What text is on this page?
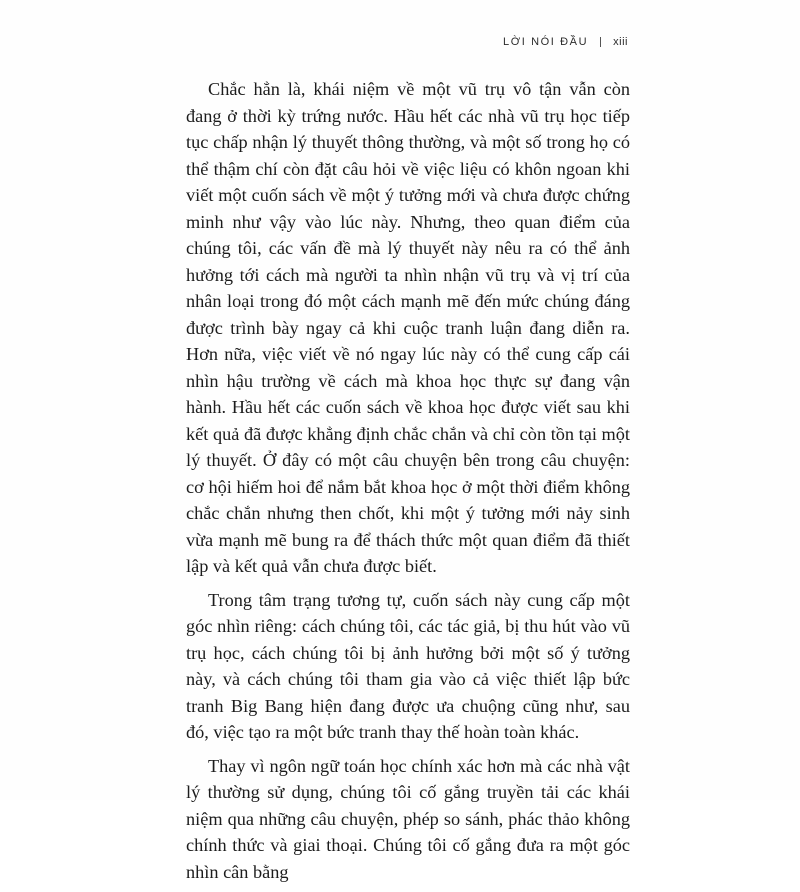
LỜI NÓI ĐẦU xiii

Chắc hẳn là, khái niệm về một vũ trụ vô tận vẫn còn đang ở thời kỳ trứng nước. Hầu hết các nhà vũ trụ học tiếp tục chấp nhận lý thuyết thông thường, và một số trong họ có thể thậm chí còn đặt câu hỏi về việc liệu có khôn ngoan khi viết một cuốn sách về một ý tưởng mới và chưa được chứng minh như vậy vào lúc này. Nhưng, theo quan điểm của chúng tôi, các vấn đề mà lý thuyết này nêu ra có thể ảnh hưởng tới cách mà người ta nhìn nhận vũ trụ và vị trí của nhân loại trong đó một cách mạnh mẽ đến mức chúng đáng được trình bày ngay cả khi cuộc tranh luận đang diễn ra. Hơn nữa, việc viết về nó ngay lúc này có thể cung cấp cái nhìn hậu trường về cách mà khoa học thực sự đang vận hành. Hầu hết các cuốn sách về khoa học được viết sau khi kết quả đã được khẳng định chắc chắn và chỉ còn tồn tại một lý thuyết. Ở đây có một câu chuyện bên trong câu chuyện: cơ hội hiếm hoi để nắm bắt khoa học ở một thời điểm không chắc chắn nhưng then chốt, khi một ý tưởng mới nảy sinh vừa mạnh mẽ bung ra để thách thức một quan điểm đã thiết lập và kết quả vẫn chưa được biết.

Trong tâm trạng tương tự, cuốn sách này cung cấp một góc nhìn riêng: cách chúng tôi, các tác giả, bị thu hút vào vũ trụ học, cách chúng tôi bị ảnh hưởng bởi một số ý tưởng này, và cách chúng tôi tham gia vào cả việc thiết lập bức tranh Big Bang hiện đang được ưa chuộng cũng như, sau đó, việc tạo ra một bức tranh thay thế hoàn toàn khác.

Thay vì ngôn ngữ toán học chính xác hơn mà các nhà vật lý thường sử dụng, chúng tôi cố gắng truyền tải các khái niệm qua những câu chuyện, phép so sánh, phác thảo không chính thức và giai thoại. Chúng tôi cố gắng đưa ra một góc nhìn cân bằng
